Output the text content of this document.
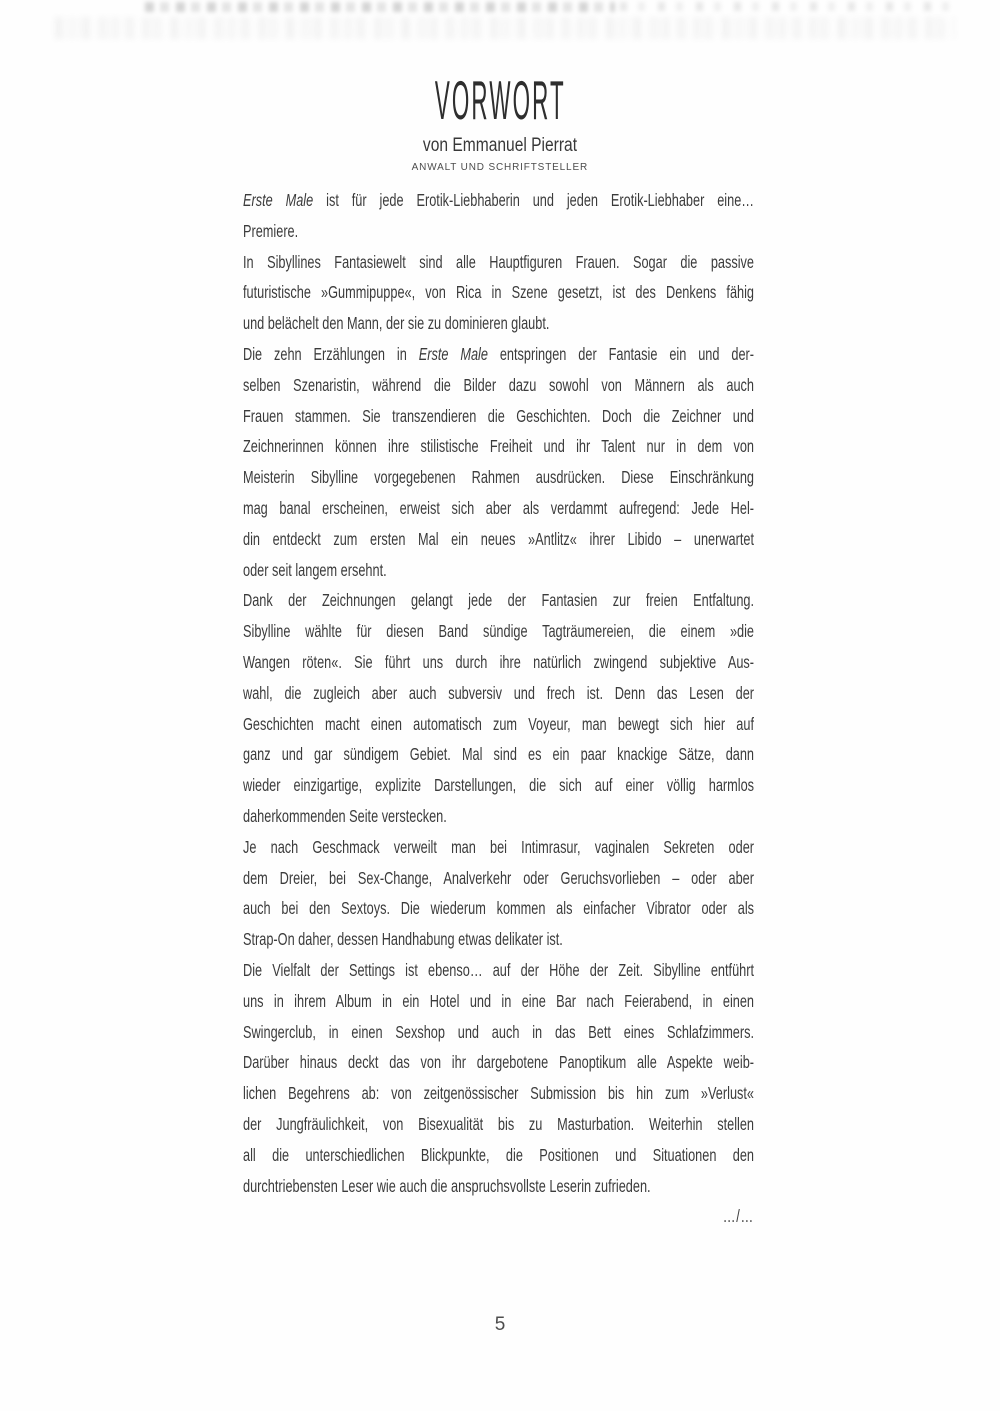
VORWORT
von Emmanuel Pierrat
ANWALT UND SCHRIFTSTELLER
Erste Male ist für jede Erotik-Liebhaberin und jeden Erotik-Liebhaber eine…
Premiere.
In Sibyllines Fantasiewelt sind alle Hauptfiguren Frauen. Sogar die passive
futuristische »Gummipuppe«, von Rica in Szene gesetzt, ist des Denkens fähig
und belächelt den Mann, der sie zu dominieren glaubt.
Die zehn Erzählungen in Erste Male entspringen der Fantasie ein und der-
selben Szenaristin, während die Bilder dazu sowohl von Männern als auch
Frauen stammen. Sie transzendieren die Geschichten. Doch die Zeichner und
Zeichnerinnen können ihre stilistische Freiheit und ihr Talent nur in dem von
Meisterin Sibylline vorgegebenen Rahmen ausdrücken. Diese Einschränkung
mag banal erscheinen, erweist sich aber als verdammt aufregend: Jede Hel-
din entdeckt zum ersten Mal ein neues »Antlitz« ihrer Libido – unerwartet
oder seit langem ersehnt.
Dank der Zeichnungen gelangt jede der Fantasien zur freien Entfaltung.
Sibylline wählte für diesen Band sündige Tagträumereien, die einem »die
Wangen röten«. Sie führt uns durch ihre natürlich zwingend subjektive Aus-
wahl, die zugleich aber auch subversiv und frech ist. Denn das Lesen der
Geschichten macht einen automatisch zum Voyeur, man bewegt sich hier auf
ganz und gar sündigem Gebiet. Mal sind es ein paar knackige Sätze, dann
wieder einzigartige, explizite Darstellungen, die sich auf einer völlig harmlos
daherkommenden Seite verstecken.
Je nach Geschmack verweilt man bei Intimrasur, vaginalen Sekreten oder
dem Dreier, bei Sex-Change, Analverkehr oder Geruchsvorlieben – oder aber
auch bei den Sextoys. Die wiederum kommen als einfacher Vibrator oder als
Strap-On daher, dessen Handhabung etwas delikater ist.
Die Vielfalt der Settings ist ebenso… auf der Höhe der Zeit. Sibylline entführt
uns in ihrem Album in ein Hotel und in eine Bar nach Feierabend, in einen
Swingerclub, in einen Sexshop und auch in das Bett eines Schlafzimmers.
Darüber hinaus deckt das von ihr dargebotene Panoptikum alle Aspekte weib-
lichen Begehrens ab: von zeitgenössischer Submission bis hin zum »Verlust«
der Jungfräulichkeit, von Bisexualität bis zu Masturbation. Weiterhin stellen
all die unterschiedlichen Blickpunkte, die Positionen und Situationen den
durchtriebensten Leser wie auch die anspruchsvollste Leserin zufrieden.
…/…
5
